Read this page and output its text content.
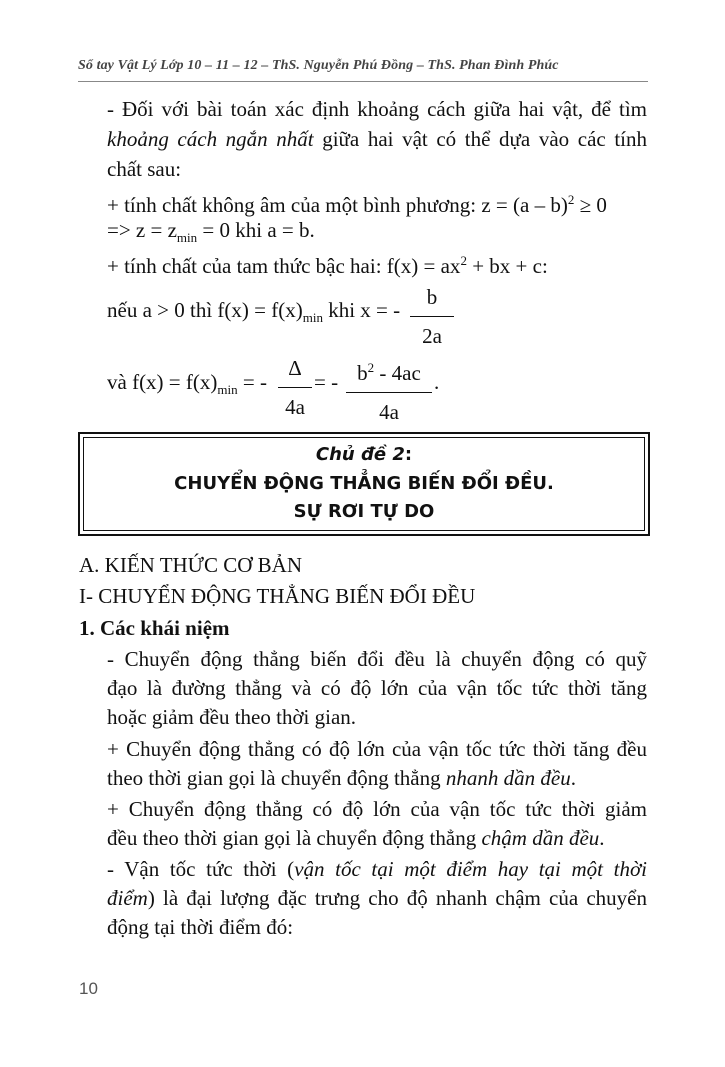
Sổ tay Vật Lý Lớp 10 – 11 – 12 – ThS. Nguyễn Phú Đồng – ThS. Phan Đình Phúc
- Đối với bài toán xác định khoảng cách giữa hai vật, để tìm
khoảng cách ngắn nhất giữa hai vật có thể dựa vào các tính
chất sau:
+ tính chất không âm của một bình phương: z = (a – b)$^2$ ≥ 0
=> $z = z_{min} = 0$ khi a = b.
+ tính chất của tam thức bậc hai: $f(x) = ax^2$ + bx + c:
nếu a > 0 thì $f(x) = f(x)_{min}$ khi x = -
b
2a
và $f(x) = f(x)_{min}$ = -
Δ
4a
= - $b^2 - 4ac$
4a
.
Chủ đề 2:
CHUYỂN ĐỘNG THẲNG BIẾN ĐỔI ĐỀU.
SỰ RƠI TỰ DO
A. KIẾN THỨC CƠ BẢN
I- CHUYỂN ĐỘNG THẲNG BIẾN ĐỔI ĐỀU
1. Các khái niệm
- Chuyển động thẳng biến đổi đều là chuyển động có quỹ
đạo là đường thẳng và có độ lớn của vận tốc tức thời tăng
hoặc giảm đều theo thời gian.
+ Chuyển động thẳng có độ lớn của vận tốc tức thời tăng đều
theo thời gian gọi là chuyển động thẳng nhanh dần đều.
+ Chuyển động thẳng có độ lớn của vận tốc tức thời giảm
đều theo thời gian gọi là chuyển động thẳng chậm dần đều.
- Vận tốc tức thời (vận tốc tại một điểm hay tại một thời
điểm) là đại lượng đặc trưng cho độ nhanh chậm của chuyển
động tại thời điểm đó:
10
